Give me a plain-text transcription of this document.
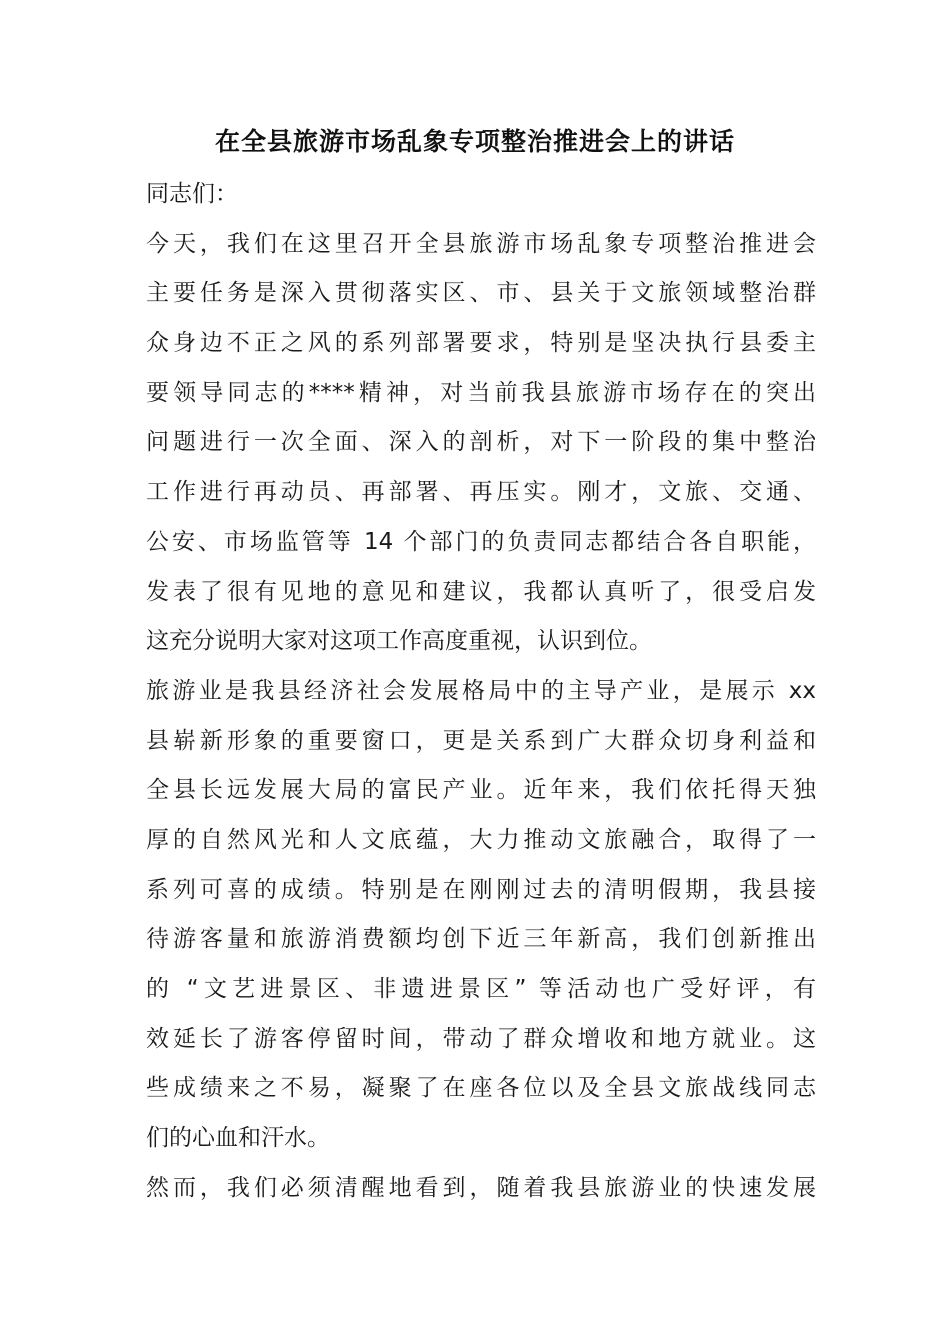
在全县旅游市场乱象专项整治推进会上的讲话
同志们：
今天，我们在这里召开全县旅游市场乱象专项整治推进会
主要任务是深入贯彻落实区、市、县关于文旅领域整治群
众身边不正之风的系列部署要求，特别是坚决执行县委主
要领导同志的****精神，对当前我县旅游市场存在的突出
问题进行一次全面、深入的剖析，对下一阶段的集中整治
工作进行再动员、再部署、再压实。刚才，文旅、交通、
公安、市场监管等 14 个部门的负责同志都结合各自职能，
发表了很有见地的意见和建议，我都认真听了，很受启发
这充分说明大家对这项工作高度重视，认识到位。
旅游业是我县经济社会发展格局中的主导产业，是展示 xx
县崭新形象的重要窗口，更是关系到广大群众切身利益和
全县长远发展大局的富民产业。近年来，我们依托得天独
厚的自然风光和人文底蕴，大力推动文旅融合，取得了一
系列可喜的成绩。特别是在刚刚过去的清明假期，我县接
待游客量和旅游消费额均创下近三年新高，我们创新推出
的 “文艺进景区、非遗进景区” 等活动也广受好评，有
效延长了游客停留时间，带动了群众增收和地方就业。这
些成绩来之不易，凝聚了在座各位以及全县文旅战线同志
们的心血和汗水。
然而，我们必须清醒地看到，随着我县旅游业的快速发展
